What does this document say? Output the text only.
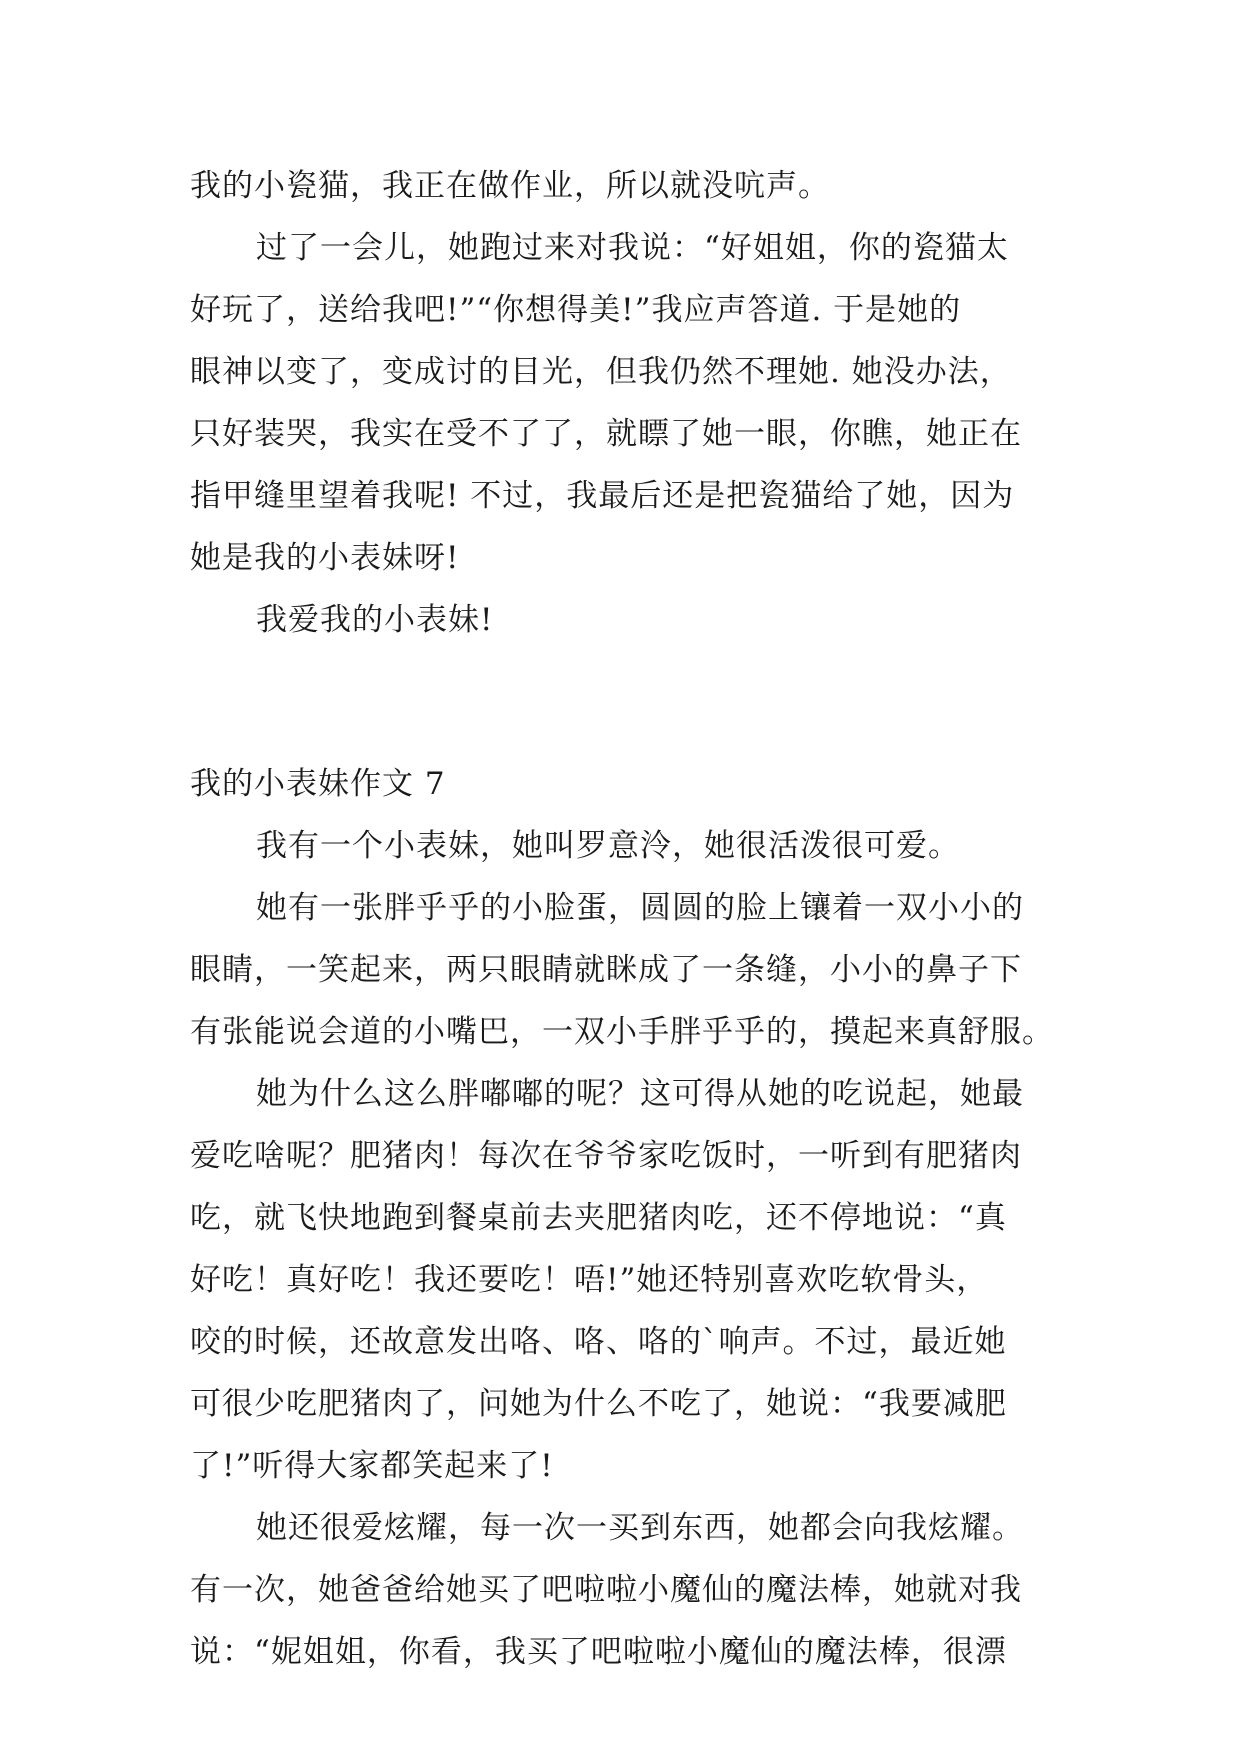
我的小瓷猫，我正在做作业，所以就没吭声。
过了一会儿，她跑过来对我说：“好姐姐，你的瓷猫太
好玩了，送给我吧!”“你想得美!”我应声答道. 于是她的
眼神以变了，变成讨的目光，但我仍然不理她. 她没办法，
只好装哭，我实在受不了了，就瞟了她一眼，你瞧，她正在
指甲缝里望着我呢! 不过，我最后还是把瓷猫给了她，因为
她是我的小表妹呀!
我爱我的小表妹!
我的小表妹作文 7
我有一个小表妹，她叫罗意泠，她很活泼很可爱。
她有一张胖乎乎的小脸蛋，圆圆的脸上镶着一双小小的
眼睛，一笑起来，两只眼睛就眯成了一条缝，小小的鼻子下
有张能说会道的小嘴巴，一双小手胖乎乎的，摸起来真舒服。
她为什么这么胖嘟嘟的呢？这可得从她的吃说起，她最
爱吃啥呢？肥猪肉！每次在爷爷家吃饭时，一听到有肥猪肉
吃，就飞快地跑到餐桌前去夹肥猪肉吃，还不停地说：“真
好吃！真好吃！我还要吃！唔!”她还特别喜欢吃软骨头，
咬的时候，还故意发出咯、咯、咯的`响声。不过，最近她
可很少吃肥猪肉了，问她为什么不吃了，她说：“我要减肥
了!”听得大家都笑起来了!
她还很爱炫耀，每一次一买到东西，她都会向我炫耀。
有一次，她爸爸给她买了吧啦啦小魔仙的魔法棒，她就对我
说：“妮姐姐，你看，我买了吧啦啦小魔仙的魔法棒，很漂
